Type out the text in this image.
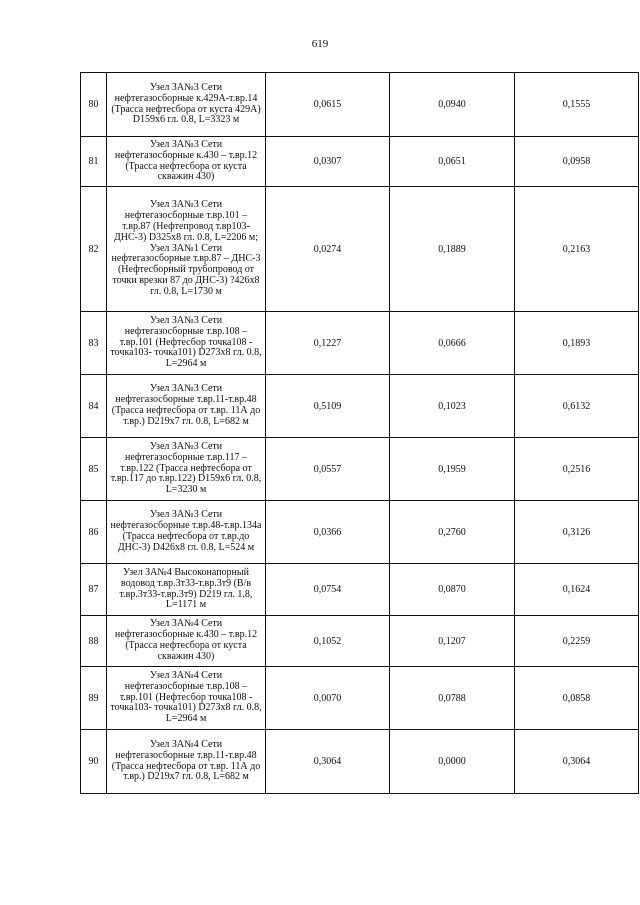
619
80	Узел ЗА№3 Сети нефтегазосборные к.429А-т.вр.14 (Трасса нефтесбора от куста 429А) D159x6 гл. 0.8, L=3323 м	0,0615	0,0940	0,1555
81	Узел ЗА№3 Сети нефтегазосборные к.430 – т.вр.12 (Трасса нефтесбора от куста скважин 430)	0,0307	0,0651	0,0958
82	Узел ЗА№3 Сети нефтегазосборные т.вр.101 – т.вр.87 (Нефтепровод т.вр103-ДНС-3) D325x8 гл. 0.8, L=2206 м; Узел ЗА№1 Сети нефтегазосборные т.вр.87 – ДНС-3 (Нефтесборный трубопровод от точки врезки 87 до ДНС-3) ?426x8 гл. 0.8, L=1730 м	0,0274	0,1889	0,2163
83	Узел ЗА№3 Сети нефтегазосборные т.вр.108 – т.вр.101 (Нефтесбор точка108 - точка103- точка101) D273x8 гл. 0.8, L=2964 м	0,1227	0,0666	0,1893
84	Узел ЗА№3 Сети нефтегазосборные т.вр.11-т.вр.48 (Трасса нефтесбора от т.вр. 11А до т.вр.) D219x7 гл. 0.8, L=682 м	0,5109	0,1023	0,6132
85	Узел ЗА№3 Сети нефтегазосборные т.вр.117 – т.вр.122 (Трасса нефтесбора от т.вр.117 до т.вр.122) D159x6 гл. 0.8, L=3230 м	0,0557	0,1959	0,2516
86	Узел ЗА№3 Сети нефтегазосборные т.вр.48-т.вр.134а (Трасса нефтесбора от т.вр.до ДНС-3) D426x8 гл. 0.8, L=524 м	0,0366	0,2760	0,3126
87	Узел ЗА№4 Высоконапорный водовод т.вр.3т33-т.вр.3т9 (В/в т.вр.3т33-т.вр.3т9) D219 гл. 1.8, L=1171 м	0,0754	0,0870	0,1624
88	Узел ЗА№4 Сети нефтегазосборные к.430 – т.вр.12 (Трасса нефтесбора от куста скважин 430)	0,1052	0,1207	0,2259
89	Узел ЗА№4 Сети нефтегазосборные т.вр.108 – т.вр.101 (Нефтесбор точка108 - точка103- точка101) D273x8 гл. 0.8, L=2964 м	0,0070	0,0788	0,0858
90	Узел ЗА№4 Сети нефтегазосборные т.вр.11-т.вр.48 (Трасса нефтесбора от т.вр. 11А до т.вр.) D219x7 гл. 0.8, L=682 м	0,3064	0,0000	0,3064
